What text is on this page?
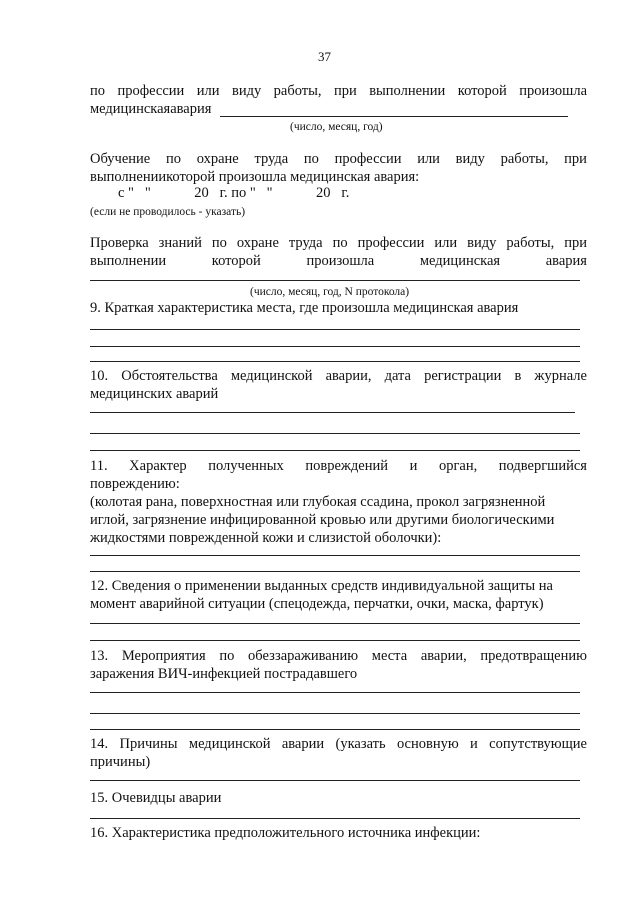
37
по профессии или виду работы, при выполнении которой произошла
медицинскаяавария
(число, месяц, год)
Обучение по охране труда по профессии или виду работы, при
выполнениикоторой произошла медицинская авария:
с "   "            20   г. по "   "            20   г.
(если не проводилось - указать)
Проверка знаний по охране труда по профессии или виду работы, при
выполнении	которой	произошла	медицинская	авария
(число, месяц, год, N протокола)
9. Краткая характеристика места, где произошла медицинская авария
10. Обстоятельства медицинской аварии, дата регистрации в журнале
медицинских аварий
11. Характер полученных повреждений и орган, подвергшийся
повреждению:
(колотая рана, поверхностная или глубокая ссадина, прокол загрязненной
иглой, загрязнение инфицированной кровью или другими биологическими
жидкостями поврежденной кожи и слизистой оболочки):
12. Сведения о применении выданных средств индивидуальной защиты на
момент аварийной ситуации (спецодежда, перчатки, очки, маска, фартук)
13. Мероприятия по обеззараживанию места аварии, предотвращению
заражения ВИЧ-инфекцией пострадавшего
14. Причины медицинской аварии (указать основную и сопутствующие
причины)
15. Очевидцы аварии
16. Характеристика предположительного источника инфекции:
